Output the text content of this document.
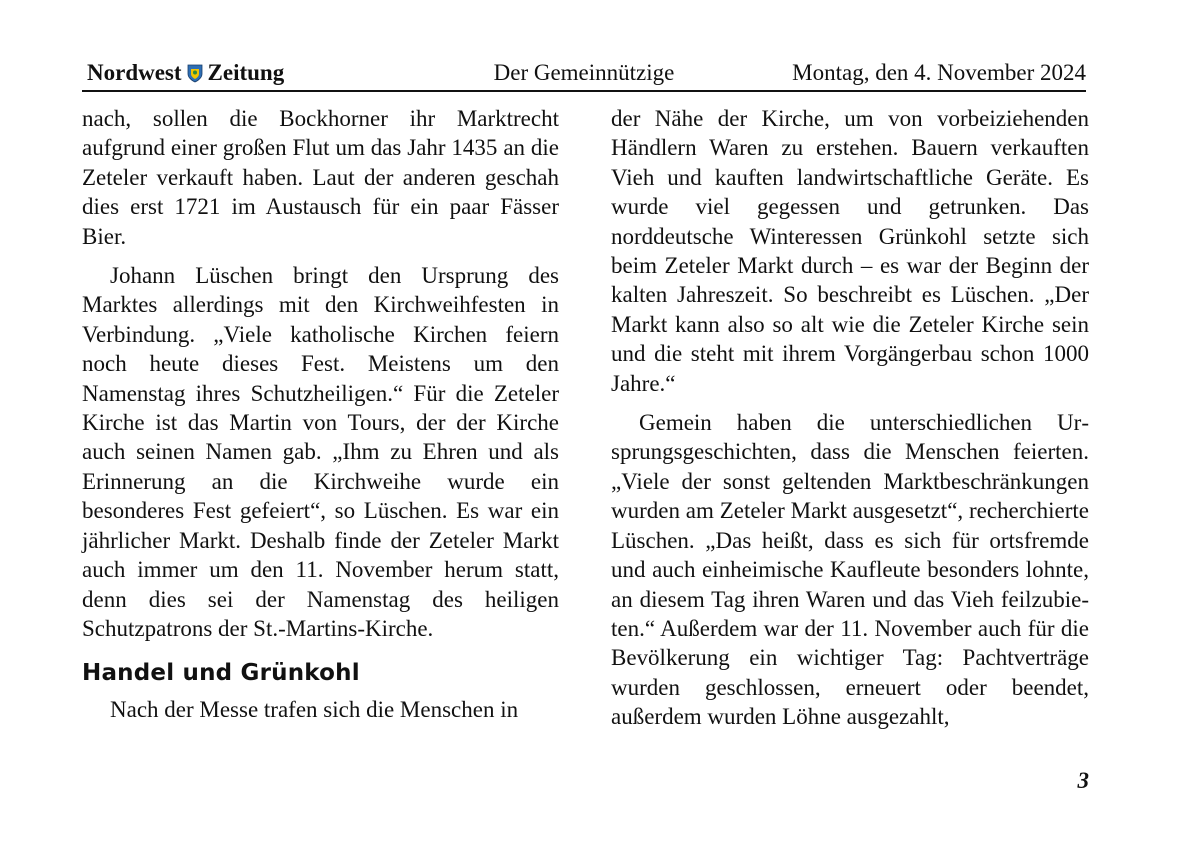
Nordwest Zeitung	Der Gemeinnützige	Montag, den 4. November 2024

nach, sollen die Bockhorner ihr Marktrecht aufgrund einer großen Flut um das Jahr 1435 an die Zeteler verkauft haben. Laut der anderen geschah dies erst 1721 im Austausch für ein paar Fässer Bier.

Johann Lüschen bringt den Ursprung des Marktes allerdings mit den Kirchweihfesten in Verbindung. „Viele katholische Kirchen feiern noch heute dieses Fest. Meistens um den Namenstag ihres Schutzheiligen.“ Für die Zeteler Kirche ist das Martin von Tours, der der Kirche auch seinen Namen gab. „Ihm zu Ehren und als Erinnerung an die Kirchweihe wurde ein besonderes Fest gefeiert“, so Lüschen. Es war ein jährlicher Markt. Deshalb finde der Zeteler Markt auch immer um den 11. November herum statt, denn dies sei der Namenstag des heiligen Schutzpatrons der St.-Martins-Kirche.

Handel und Grünkohl

Nach der Messe trafen sich die Menschen in

der Nähe der Kirche, um von vorbeiziehenden Händlern Waren zu erstehen. Bauern verkauften Vieh und kauften landwirtschaftliche Geräte. Es wurde viel gegessen und getrunken. Das norddeutsche Winteressen Grünkohl setzte sich beim Zeteler Markt durch – es war der Beginn der kalten Jahreszeit. So beschreibt es Lüschen. „Der Markt kann also so alt wie die Zeteler Kirche sein und die steht mit ihrem Vorgängerbau schon 1000 Jahre.“

Gemein haben die unterschiedlichen Ursprungsgeschichten, dass die Menschen feierten. „Viele der sonst geltenden Marktbeschränkungen wurden am Zeteler Markt ausgesetzt“, recherchierte Lüschen. „Das heißt, dass es sich für ortsfremde und auch einheimische Kaufleute besonders lohnte, an diesem Tag ihren Waren und das Vieh feilzubieten.“ Außerdem war der 11. November auch für die Bevölkerung ein wichtiger Tag: Pachtverträge wurden geschlossen, erneuert oder beendet, außerdem wurden Löhne ausgezahlt,

3
